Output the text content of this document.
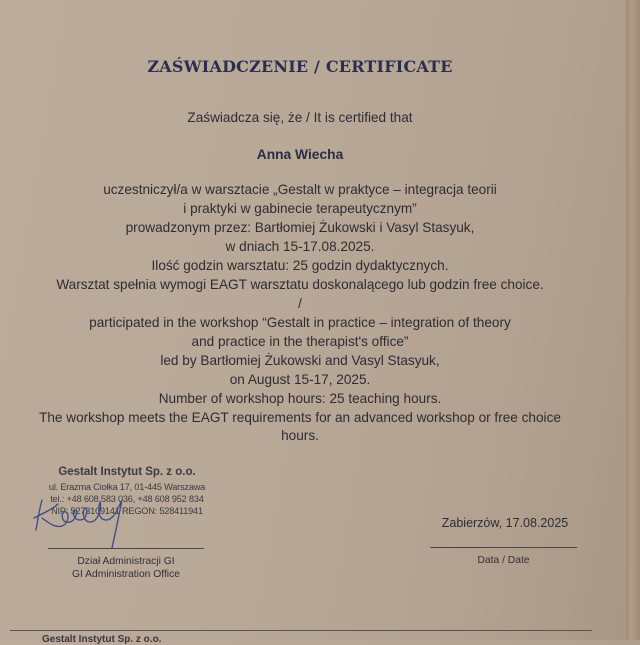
ZAŚWIADCZENIE / CERTIFICATE
Zaświadcza się, że / It is certified that
Anna Wiecha
uczestniczył/a w warsztacie „Gestalt w praktyce – integracja teorii
i praktyki w gabinecie terapeutycznym”
prowadzonym przez: Bartłomiej Żukowski i Vasyl Stasyuk,
w dniach 15-17.08.2025.
Ilość godzin warsztatu: 25 godzin dydaktycznych.
Warsztat spełnia wymogi EAGT warsztatu doskonalącego lub godzin free choice.
/
participated in the workshop “Gestalt in practice – integration of theory
and practice in the therapist's office”
led by Bartłomiej Żukowski and Vasyl Stasyuk,
on August 15-17, 2025.
Number of workshop hours: 25 teaching hours.
The workshop meets the EAGT requirements for an advanced workshop or free choice
hours.
Gestalt Instytut Sp. z o.o.
ul. Erazma Ciołka 17, 01-445 Warszawa
tel.: +48 608 583 036, +48 608 952 834
NIP: 5273109141 REGON: 528411941
Dział Administracji GI
GI Administration Office
Zabierzów, 17.08.2025
Data / Date
Gestalt Instytut Sp. z o.o.
